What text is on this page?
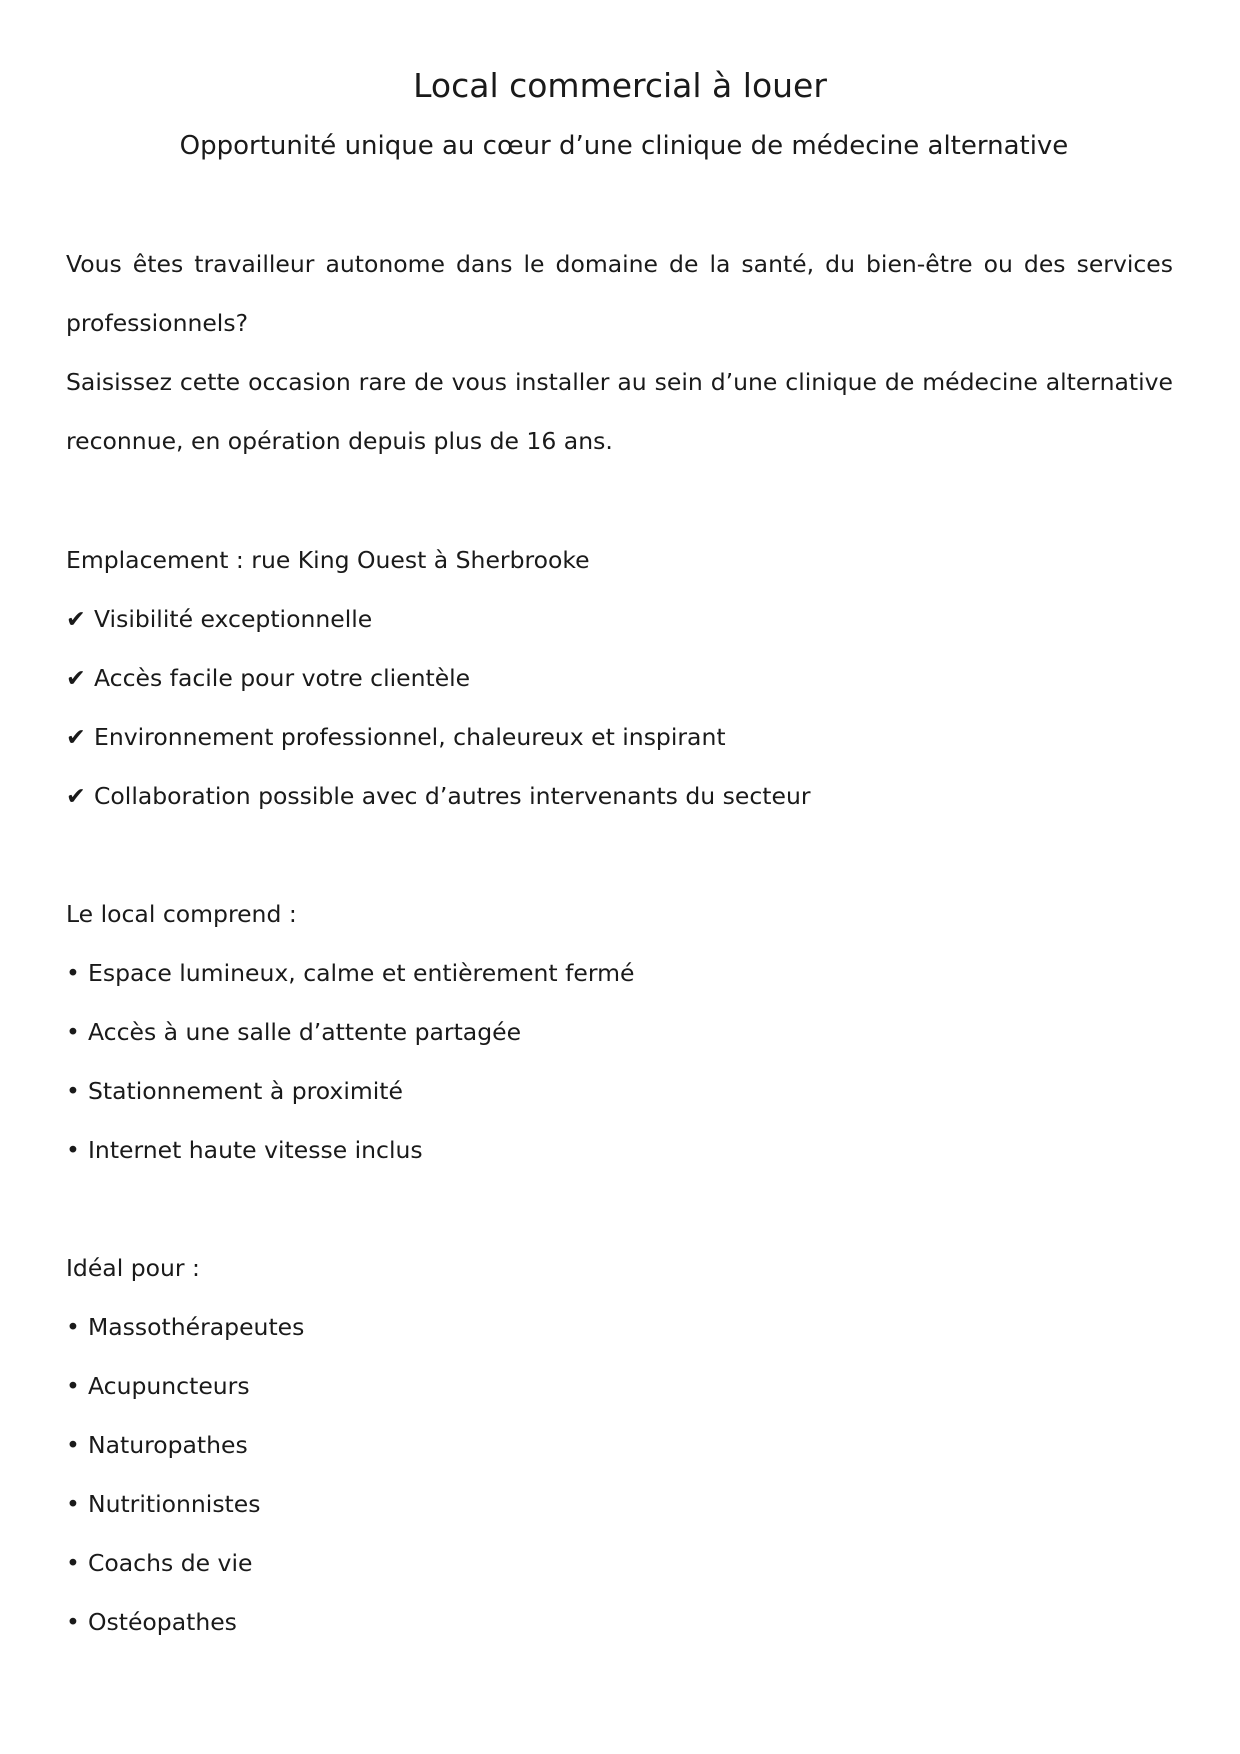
Local commercial à louer
Opportunité unique au cœur d’une clinique de médecine alternative

Vous êtes travailleur autonome dans le domaine de la santé, du bien-être ou des services professionnels?

Saisissez cette occasion rare de vous installer au sein d’une clinique de médecine alternative reconnue, en opération depuis plus de 16 ans.

Emplacement : rue King Ouest à Sherbrooke

✔ Visibilité exceptionnelle
✔ Accès facile pour votre clientèle
✔ Environnement professionnel, chaleureux et inspirant
✔ Collaboration possible avec d’autres intervenants du secteur

Le local comprend :

• Espace lumineux, calme et entièrement fermé
• Accès à une salle d’attente partagée
• Stationnement à proximité
• Internet haute vitesse inclus

Idéal pour :

• Massothérapeutes
• Acupuncteurs
• Naturopathes
• Nutritionnistes
• Coachs de vie
• Ostéopathes
